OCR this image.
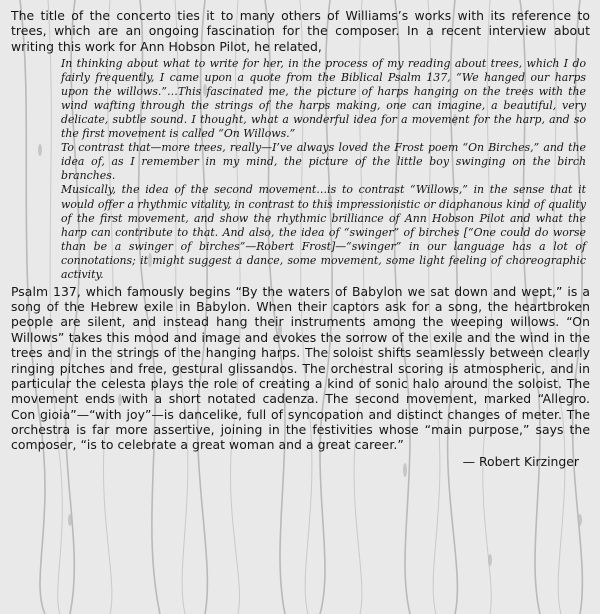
The title of the concerto ties it to many others of Williams’s works with its reference to trees, which are an ongoing fascination for the composer. In a recent interview about writing this work for Ann Hobson Pilot, he related,

In thinking about what to write for her, in the process of my reading about trees, which I do fairly frequently, I came upon a quote from the Biblical Psalm 137, “We hanged our harps upon the willows.”…This fascinated me, the picture of harps hanging on the trees with the wind wafting through the strings of the harps making, one can imagine, a beautiful, very delicate, subtle sound. I thought, what a wonderful idea for a movement for the harp, and so the first movement is called “On Willows.”

To contrast that—more trees, really—I’ve always loved the Frost poem “On Birches,” and the idea of, as I remember in my mind, the picture of the little boy swinging on the birch branches.

Musically, the idea of the second movement…is to contrast “Willows,” in the sense that it would offer a rhythmic vitality, in contrast to this impressionistic or diaphanous kind of quality of the first movement, and show the rhythmic brilliance of Ann Hobson Pilot and what the harp can contribute to that. And also, the idea of “swinger” of birches [“One could do worse than be a swinger of birches”—Robert Frost]—“swinger” in our language has a lot of connotations; it might suggest a dance, some movement, some light feeling of choreographic activity.

Psalm 137, which famously begins “By the waters of Babylon we sat down and wept,” is a song of the Hebrew exile in Babylon. When their captors ask for a song, the heartbroken people are silent, and instead hang their instruments among the weeping willows. “On Willows” takes this mood and image and evokes the sorrow of the exile and the wind in the trees and in the strings of the hanging harps. The soloist shifts seamlessly between clearly ringing pitches and free, gestural glissandos. The orchestral scoring is atmospheric, and in particular the celesta plays the role of creating a kind of sonic halo around the soloist. The movement ends with a short notated cadenza. The second movement, marked “Allegro. Con gioia”—“with joy”—is dancelike, full of syncopation and distinct changes of meter. The orchestra is far more assertive, joining in the festivities whose “main purpose,” says the composer, “is to celebrate a great woman and a great career.”

— Robert Kirzinger
